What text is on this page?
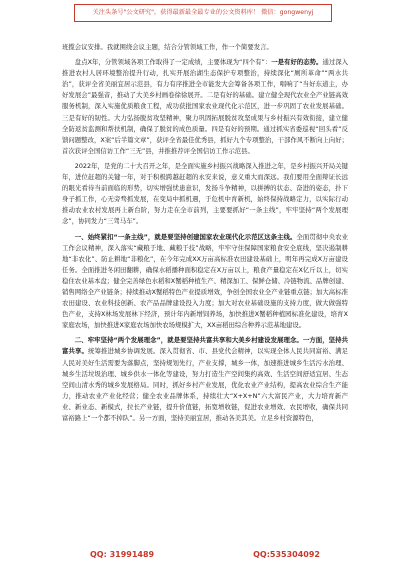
关注头条号"公文研究"，获得最新最全最专业的公文资料库！ 微信：gongwenyj

班揽会议安排。我就围绕会议主题，结合分管领域工作，作一个简要发言。

盘点X年，分管领域各项工作取得了一定成绩，主要体现为“四个有”：一是有好的态势。通过深入推进农村人居环境整治提升行动，扎实开展治湖生态保护专项整治，持续深化“厕所革命”“两水共治”，获评全省美丽宜居示范县，有力有序推进全市能发大会筹备各项工作，唱响了“当好东道主，办好发展会”最强音，推动了大美乡村画卷徐徐展开。二是有好的基础。建立健全现代农业全产业链高效服务机制，深入实施优质粮食工程，成功获批国家农业现代化示范区，进一步巩固了农业发展基础。三是有好的韧性。大力弘扬脱贫攻坚精神，聚力巩固拓展脱贫攻坚成果与乡村振兴有效衔接，建立健全防返贫监测和帮扶机制，确保了脱贫的成色质量。四是有好的预期。通过抓实省委巡视“回头看”反馈问题整改，X案“后半篇文章”，获评全省最佳优秀县，抓好九个专项整治，干部作风不断向上向好；首次获评全国信访工作“三无”县，井推推荐评全国信访工作示范县。

2022年，是党的二十大召开之年，是全面实施乡村振兴战略深入推进之年，是乡村振兴开局关键年，进位赶超的关键一年，对于积极跨越赶超的永安来说，意义重大而深远。我们要用全面辩证长远的眼光看待当前面临的形势，切实增强忧患意识，发扬斗争精神，以拼搏的状态、奋进的姿态，扑下身子抓工作，心无旁骛抓发展，在变局中抓机遇，于危机中育新机，始终保持战略定力，以实际行动推动农业农村发展再上新台阶，努力走在全市前列，主要要抓好“一条主线”，牢牢坚持“两个发展理念”，协同发力“三驾马车”。

一、始终紧扣“一条主线”，就是要坚持创建国家农业现代化示范区这条主线。全面贯彻中央农业工作会议精神，深入落实“藏粮于地、藏粮于技”战略，牢牢守住保障国家粮食安全底线，坚决遏制耕地“非农化”、防止耕地“非粮化”，在今年完成XX万亩高标准农田建设基础上，明年再完成X万亩建设任务。全面推进冬闲田翻耕，确保水稻播种面积稳定在X万亩以上，粮食产量稳定在X亿斤以上，切实稳住农业基本盘；健全完善绿色水稻和X蟹稻种植生产、精深加工、保鲜仓储、冷链物流、品牌创建、销售网络全产业链条；持续推动X蟹稻特色产业提质增效，争创全国农业全产业链重点链；加大高标准农田建设、农业科技创新、农产品品牌建设投入力度；加大对农业基础设施的支持力度，做大做强特色产业，支持X林场发展林下经济，预计年内新增饲养场，加快推进X蟹稻种植园标准化建设，培育X家庭农场，加快推进X家庭农场加快农场规模扩大，XX亩稻田综合种养示范基地建设。

二、牢牢坚持“两个发展理念”，就是要坚持共富共享和大美乡村建设发展理念。一方面，坚持共富共享。统筹推进城乡协调发展。深入贯彻省、市、县党代会精神，以实现全体人民共同富裕、满足人民对美好生活需要为落脚点，坚持规划先行，产业支撑，城乡一体，加速推进城乡生活污水治理、城乡生活垃圾治理、城乡供水一体化等建设，努力打造生产空间集约高效、生活空间舒适宜居、生态空间山清水秀的城乡发展格局。同时，抓好乡村产业发展，优化农业产业结构，提高农业综合生产能力，推动农业产业化经营；健全农业品牌体系，持续壮大“X+X+N”六大富民产业，大力培育新产业、新业态、新模式，拉长产业链，提升价值链，拓宽增收链，促进农业增效、农民增收，确保共同富裕路上“一个都不掉队”。另一方面，坚持美丽宜居，推动各美其美。立足乡村资源特色，

QQ: 31991489	QQ:535304092
